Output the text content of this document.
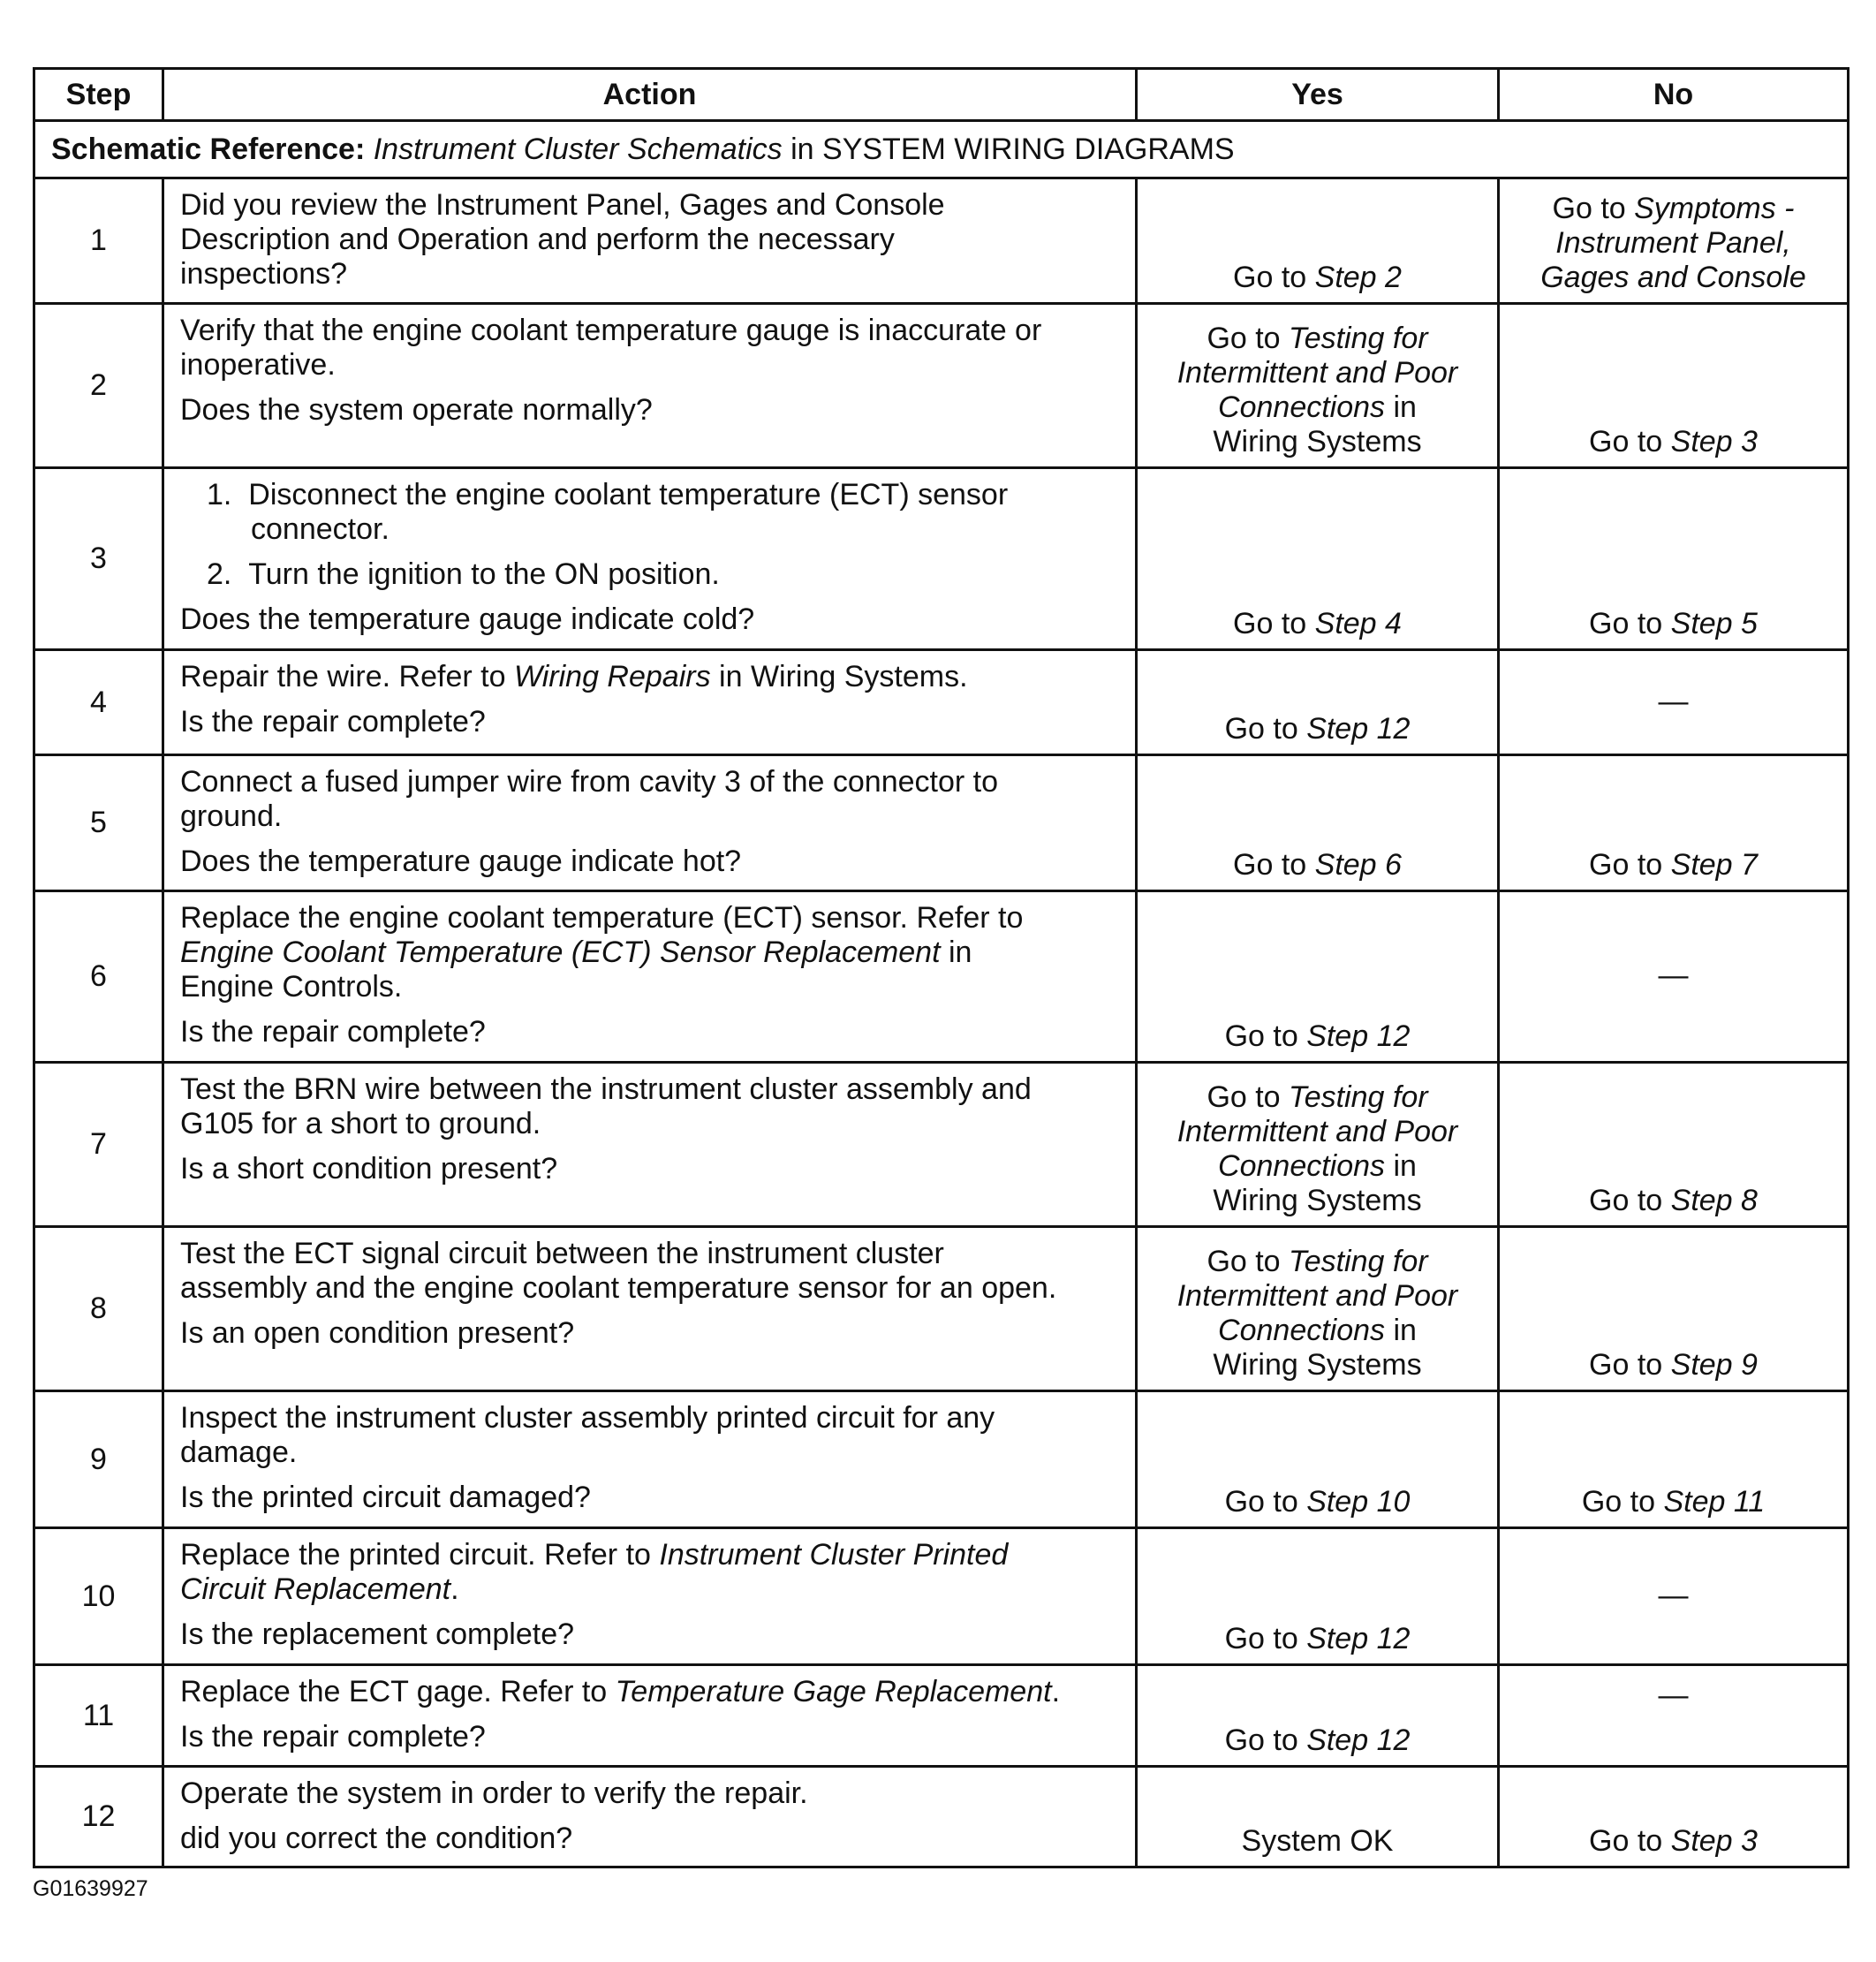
Step	Action	Yes	No
Schematic Reference: Instrument Cluster Schematics in SYSTEM WIRING DIAGRAMS			
1	Did you review the Instrument Panel, Gages and Console
Description and Operation and perform the necessary
inspections?	Go to Step 2	Go to Symptoms -
Instrument Panel,
Gages and Console

2	Verify that the engine coolant temperature gauge is inaccurate or
inoperative.
Does the system operate normally?	Go to Testing for
Intermittent and Poor
Connections in
Wiring Systems	Go to Step 3
3	1. Disconnect the engine coolant temperature (ECT) sensor
connector.
2. Turn the ignition to the ON position.
Does the temperature gauge indicate cold?	Go to Step 4	Go to Step 5
4	Repair the wire. Refer to Wiring Repairs in Wiring Systems.
Is the repair complete?	Go to Step 12	—
5	Connect a fused jumper wire from cavity 3 of the connector to
ground.
Does the temperature gauge indicate hot?	Go to Step 6	Go to Step 7
6	Replace the engine coolant temperature (ECT) sensor. Refer to
Engine Coolant Temperature (ECT) Sensor Replacement in
Engine Controls.
Is the repair complete?	Go to Step 12	—
7	Test the BRN wire between the instrument cluster assembly and
G105 for a short to ground.
Is a short condition present?	Go to Testing for
Intermittent and Poor
Connections in
Wiring Systems	Go to Step 8
8	Test the ECT signal circuit between the instrument cluster
assembly and the engine coolant temperature sensor for an open.
Is an open condition present?	Go to Testing for
Intermittent and Poor
Connections in
Wiring Systems	Go to Step 9
9	Inspect the instrument cluster assembly printed circuit for any
damage.
Is the printed circuit damaged?	Go to Step 10	Go to Step 11
10	Replace the printed circuit. Refer to Instrument Cluster Printed
Circuit Replacement.
Is the replacement complete?	Go to Step 12	—
11	Replace the ECT gage. Refer to Temperature Gage Replacement.
Is the repair complete?	Go to Step 12	—
12	Operate the system in order to verify the repair.
did you correct the condition?	System OK	Go to Step 3
G01639927
